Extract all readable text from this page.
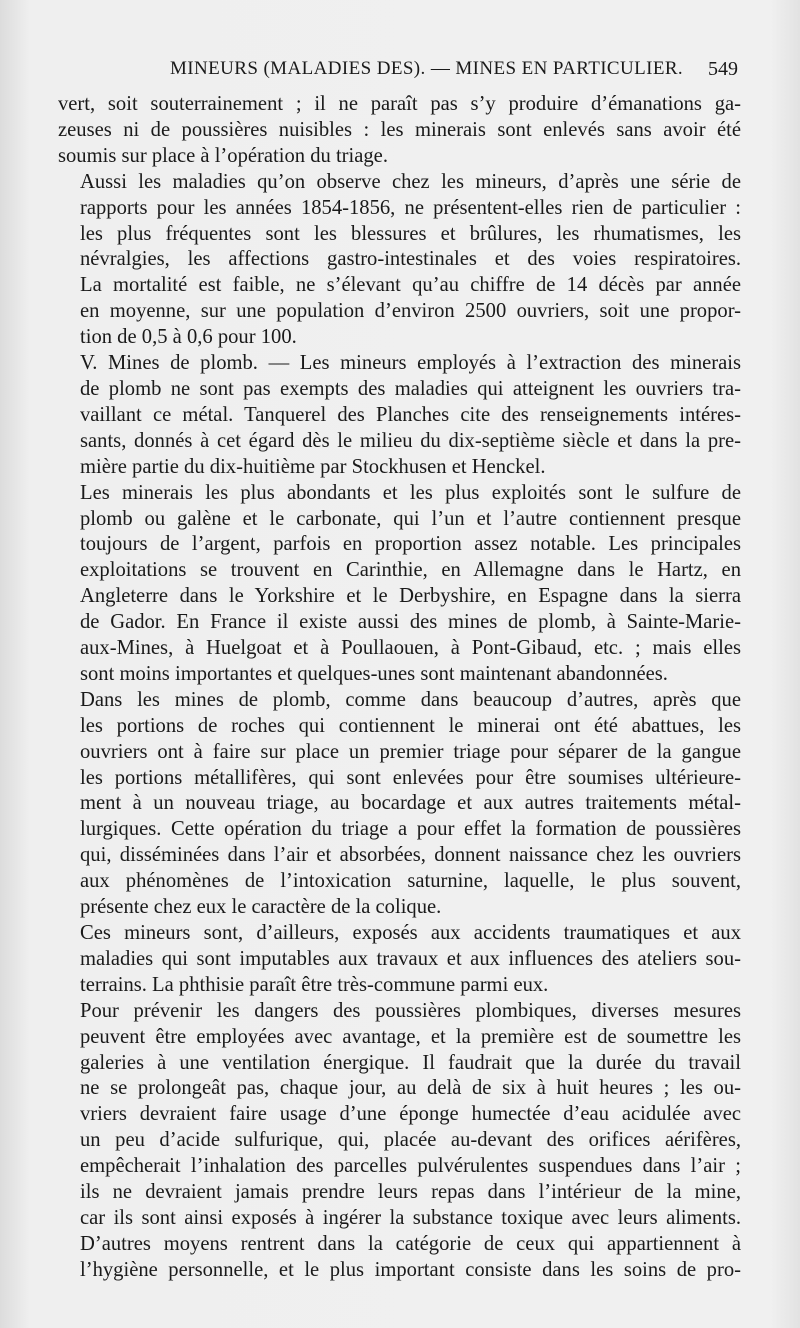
MINEURS (MALADIES DES). — MINES EN PARTICULIER. 549

vert, soit souterrainement ; il ne paraît pas s’y produire d’émanations ga-
zeuses ni de poussières nuisibles : les minerais sont enlevés sans avoir été
soumis sur place à l’opération du triage.

Aussi les maladies qu’on observe chez les mineurs, d’après une série de
rapports pour les années 1854-1856, ne présentent-elles rien de particulier :
les plus fréquentes sont les blessures et brûlures, les rhumatismes, les
névralgies, les affections gastro-intestinales et des voies respiratoires.
La mortalité est faible, ne s’élevant qu’au chiffre de 14 décès par année
en moyenne, sur une population d’environ 2500 ouvriers, soit une propor-
tion de 0,5 à 0,6 pour 100.

V. Mines de plomb. — Les mineurs employés à l’extraction des minerais
de plomb ne sont pas exempts des maladies qui atteignent les ouvriers tra-
vaillant ce métal. Tanquerel des Planches cite des renseignements intéres-
sants, donnés à cet égard dès le milieu du dix-septième siècle et dans la pre-
mière partie du dix-huitième par Stockhusen et Henckel.

Les minerais les plus abondants et les plus exploités sont le sulfure de
plomb ou galène et le carbonate, qui l’un et l’autre contiennent presque
toujours de l’argent, parfois en proportion assez notable. Les principales
exploitations se trouvent en Carinthie, en Allemagne dans le Hartz, en
Angleterre dans le Yorkshire et le Derbyshire, en Espagne dans la sierra
de Gador. En France il existe aussi des mines de plomb, à Sainte-Marie-
aux-Mines, à Huelgoat et à Poullaouen, à Pont-Gibaud, etc. ; mais elles
sont moins importantes et quelques-unes sont maintenant abandonnées.

Dans les mines de plomb, comme dans beaucoup d’autres, après que
les portions de roches qui contiennent le minerai ont été abattues, les
ouvriers ont à faire sur place un premier triage pour séparer de la gangue
les portions métallifères, qui sont enlevées pour être soumises ultérieure-
ment à un nouveau triage, au bocardage et aux autres traitements métal-
lurgiques. Cette opération du triage a pour effet la formation de poussières
qui, disséminées dans l’air et absorbées, donnent naissance chez les ouvriers
aux phénomènes de l’intoxication saturnine, laquelle, le plus souvent,
présente chez eux le caractère de la colique.

Ces mineurs sont, d’ailleurs, exposés aux accidents traumatiques et aux
maladies qui sont imputables aux travaux et aux influences des ateliers sou-
terrains. La phthisie paraît être très-commune parmi eux.

Pour prévenir les dangers des poussières plombiques, diverses mesures
peuvent être employées avec avantage, et la première est de soumettre les
galeries à une ventilation énergique. Il faudrait que la durée du travail
ne se prolongeât pas, chaque jour, au delà de six à huit heures ; les ou-
vriers devraient faire usage d’une éponge humectée d’eau acidulée avec
un peu d’acide sulfurique, qui, placée au-devant des orifices aérifères,
empêcherait l’inhalation des parcelles pulvérulentes suspendues dans l’air ;
ils ne devraient jamais prendre leurs repas dans l’intérieur de la mine,
car ils sont ainsi exposés à ingérer la substance toxique avec leurs aliments.
D’autres moyens rentrent dans la catégorie de ceux qui appartiennent à
l’hygiène personnelle, et le plus important consiste dans les soins de pro-
